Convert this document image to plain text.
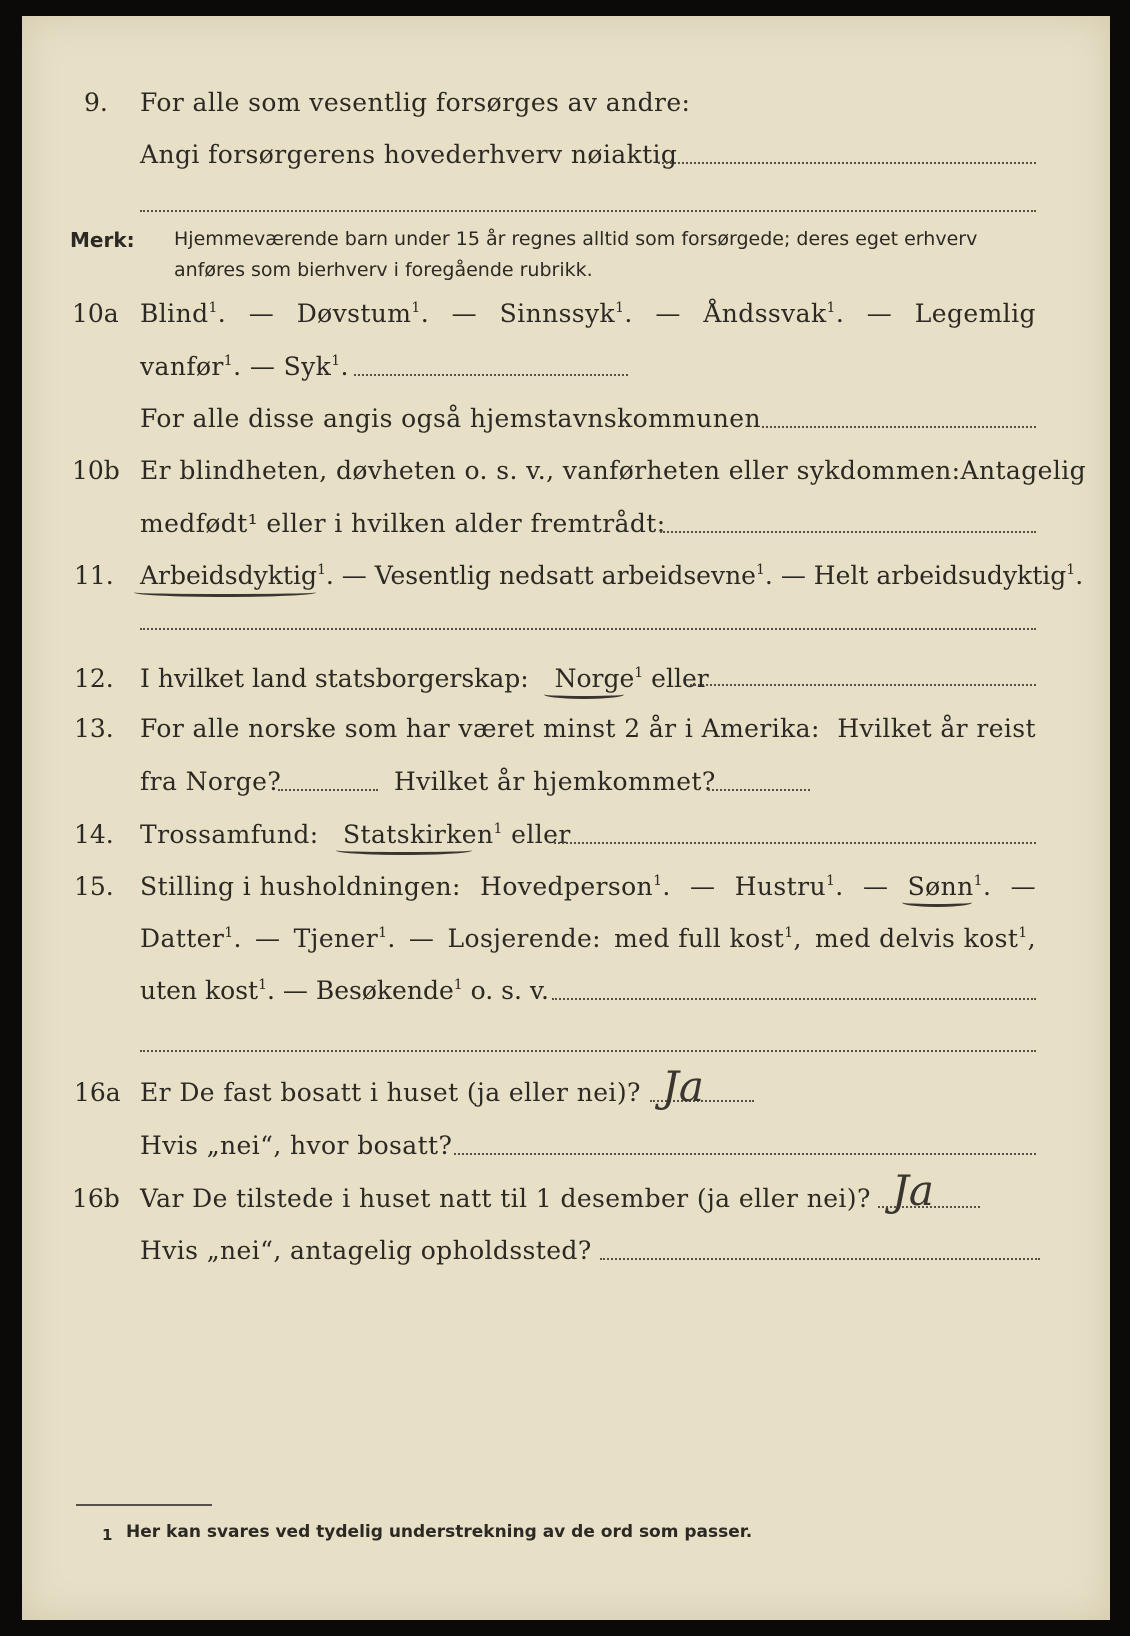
9. For alle som vesentlig forsørges av andre:
Angi forsørgerens hovederhverv nøiaktig
Merk: Hjemmeværende barn under 15 år regnes alltid som forsørgede; deres eget erhverv
anføres som bierhverv i foregående rubrikk.
10a Blind$^1$. — Døvstum$^1$. — Sinnssyk$^1$. — Åndssvak$^1$. — Legemlig
vanfør$^1$. — Syk$^1$.
For alle disse angis også hjemstavnskommunen
10b Er blindheten, døvheten o. s. v., vanførheten eller sykdommen: Antagelig
medfødt¹ eller i hvilken alder fremtrådt:
11. Arbeidsdyktig$^1$. — Vesentlig nedsatt arbeidsevne$^1$. — Helt arbeidsudyktig$^1$.
12. I hvilket land statsborgerskap: Norge$^1$ eller
13. For alle norske som har været minst 2 år i Amerika: Hvilket år reist
fra Norge?	Hvilket år hjemkommet?
14. Trossamfund: Statskirken$^1$ eller
15. Stilling i husholdningen: Hovedperson$^1$. — Hustru$^1$. — Sønn$^1$. —
Datter$^1$. — Tjener$^1$. — Losjerende: med full kost$^1$, med delvis kost$^1$,
uten kost$^1$. — Besøkende$^1$ o. s. v.
16a Er De fast bosatt i huset (ja eller nei)? Ja
Hvis „nei“, hvor bosatt?
16b Var De tilstede i huset natt til 1 desember (ja eller nei)? Ja
Hvis „nei“, antagelig opholdssted?
1 Her kan svares ved tydelig understrekning av de ord som passer.
